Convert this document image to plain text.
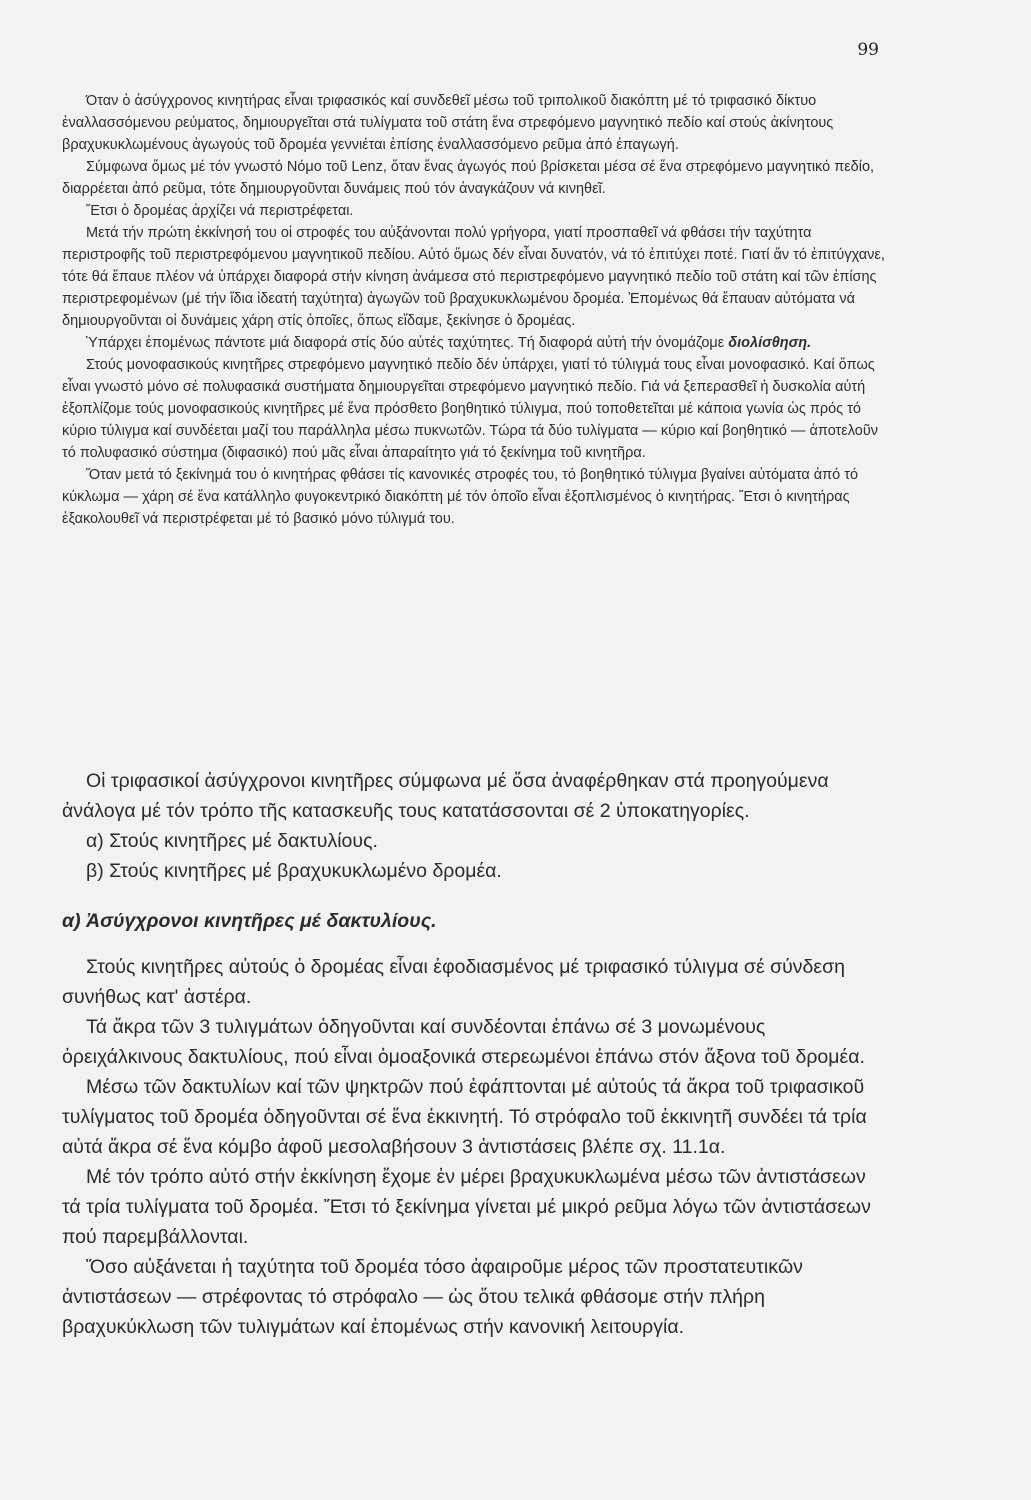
99

Όταν ὁ ἀσύγχρονος κινητήρας εἶναι τριφασικός καί συνδεθεῖ μέσω τοῦ τριπολικοῦ διακόπτη μέ τό τριφασικό δίκτυο ἐναλλασσόμενου ρεύματος, δημιουργεῖται στά τυλίγματα τοῦ στάτη ἕνα στρεφόμενο μαγνητικό πεδίο καί στούς ἀκίνητους βραχυκυκλωμένους ἀγωγούς τοῦ δρομέα γεννιέται ἐπίσης ἐναλλασσόμενο ρεῦμα ἀπό ἐπαγωγή.

Σύμφωνα ὅμως μέ τόν γνωστό Νόμο τοῦ Lenz, ὅταν ἕνας ἀγωγός πού βρίσκεται μέσα σέ ἕνα στρεφόμενο μαγνητικό πεδίο, διαρρέεται ἀπό ρεῦμα, τότε δημιουργοῦνται δυνάμεις πού τόν ἀναγκάζουν νά κινηθεῖ.

Ἔτσι ὁ δρομέας ἀρχίζει νά περιστρέφεται.

Μετά τήν πρώτη ἐκκίνησή του οἱ στροφές του αὐξάνονται πολύ γρήγορα, γιατί προσπαθεῖ νά φθάσει τήν ταχύτητα περιστροφῆς τοῦ περιστρεφόμενου μαγνητικοῦ πεδίου. Αὐτό ὅμως δέν εἶναι δυνατόν, νά τό ἐπιτύχει ποτέ. Γιατί ἄν τό ἐπιτύγχανε, τότε θά ἔπαυε πλέον νά ὑπάρχει διαφορά στήν κίνηση ἀνάμεσα στό περιστρεφόμενο μαγνητικό πεδίο τοῦ στάτη καί τῶν ἐπίσης περιστρεφομένων (μέ τήν ἴδια ἰδεατή ταχύτητα) ἀγωγῶν τοῦ βραχυκυκλωμένου δρομέα. Ἐπομένως θά ἔπαυαν αὐτόματα νά δημιουργοῦνται οἱ δυνάμεις χάρη στίς ὁποῖες, ὅπως εἴδαμε, ξεκίνησε ὁ δρομέας.

Ὑπάρχει ἐπομένως πάντοτε μιά διαφορά στίς δύο αὐτές ταχύτητες. Τή διαφορά αὐτή τήν ὀνομάζομε διολίσθηση.

Στούς μονοφασικούς κινητῆρες στρεφόμενο μαγνητικό πεδίο δέν ὑπάρχει, γιατί τό τύλιγμά τους εἶναι μονοφασικό. Καί ὅπως εἶναι γνωστό μόνο σέ πολυφασικά συστήματα δημιουργεῖται στρεφόμενο μαγνητικό πεδίο. Γιά νά ξεπερασθεῖ ἡ δυσκολία αὐτή ἐξοπλίζομε τούς μονοφασικούς κινητῆρες μέ ἕνα πρόσθετο βοηθητικό τύλιγμα, πού τοποθετεῖται μέ κάποια γωνία ὡς πρός τό κύριο τύλιγμα καί συνδέεται μαζί του παράλληλα μέσω πυκνωτῶν. Τώρα τά δύο τυλίγματα — κύριο καί βοηθητικό — ἀποτελοῦν τό πολυφασικό σύστημα (διφασικό) πού μᾶς εἶναι ἀπαραίτητο γιά τό ξεκίνημα τοῦ κινητῆρα.

Ὅταν μετά τό ξεκίνημά του ὁ κινητήρας φθάσει τίς κανονικές στροφές του, τό βοηθητικό τύλιγμα βγαίνει αὐτόματα ἀπό τό κύκλωμα — χάρη σέ ἕνα κατάλληλο φυγοκεντρικό διακόπτη μέ τόν ὁποῖο εἶναι ἐξοπλισμένος ὁ κινητήρας. Ἔτσι ὁ κινητήρας ἐξακολουθεῖ νά περιστρέφεται μέ τό βασικό μόνο τύλιγμά του.

Οἱ τριφασικοί ἀσύγχρονοι κινητῆρες σύμφωνα μέ ὅσα ἀναφέρθηκαν στά προηγούμενα ἀνάλογα μέ τόν τρόπο τῆς κατασκευῆς τους κατατάσσονται σέ 2 ὑποκατηγορίες.

α) Στούς κινητῆρες μέ δακτυλίους.

β) Στούς κινητῆρες μέ βραχυκυκλωμένο δρομέα.

α) Ἀσύγχρονοι κινητῆρες μέ δακτυλίους.

Στούς κινητῆρες αὐτούς ὁ δρομέας εἶναι ἐφοδιασμένος μέ τριφασικό τύλιγμα σέ σύνδεση συνήθως κατ' ἀστέρα.

Τά ἄκρα τῶν 3 τυλιγμάτων ὁδηγοῦνται καί συνδέονται ἐπάνω σέ 3 μονωμένους ὀρειχάλκινους δακτυλίους, πού εἶναι ὁμοαξονικά στερεωμένοι ἐπάνω στόν ἄξονα τοῦ δρομέα.

Μέσω τῶν δακτυλίων καί τῶν ψηκτρῶν πού ἐφάπτονται μέ αὐτούς τά ἄκρα τοῦ τριφασικοῦ τυλίγματος τοῦ δρομέα ὁδηγοῦνται σέ ἕνα ἐκκινητή. Τό στρόφαλο τοῦ ἐκκινητῆ συνδέει τά τρία αὐτά ἄκρα σέ ἕνα κόμβο ἀφοῦ μεσολαβήσουν 3 ἀντιστάσεις βλέπε σχ. 11.1α.

Μέ τόν τρόπο αὐτό στήν ἐκκίνηση ἔχομε ἐν μέρει βραχυκυκλωμένα μέσω τῶν ἀντιστάσεων τά τρία τυλίγματα τοῦ δρομέα. Ἔτσι τό ξεκίνημα γίνεται μέ μικρό ρεῦμα λόγω τῶν ἀντιστάσεων πού παρεμβάλλονται.

Ὅσο αὐξάνεται ἡ ταχύτητα τοῦ δρομέα τόσο ἀφαιροῦμε μέρος τῶν προστατευτικῶν ἀντιστάσεων — στρέφοντας τό στρόφαλο — ὡς ὅτου τελικά φθάσομε στήν πλήρη βραχυκύκλωση τῶν τυλιγμάτων καί ἐπομένως στήν κανονική λειτουργία.
